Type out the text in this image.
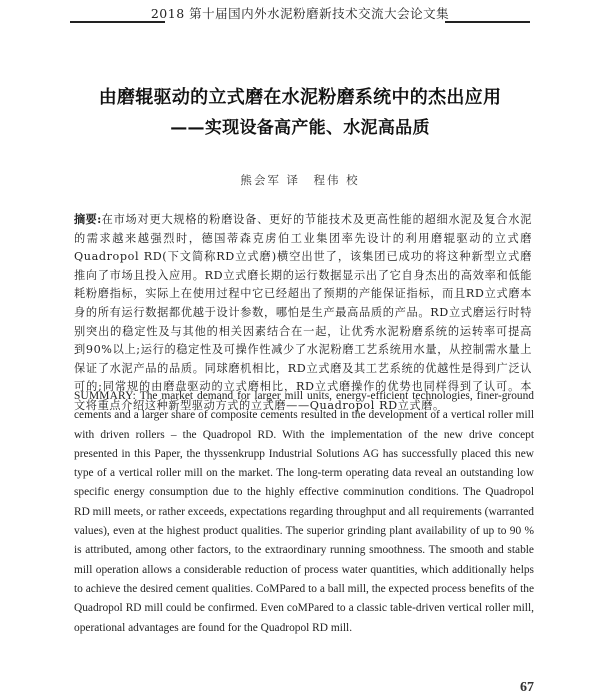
2018 第十届国内外水泥粉磨新技术交流大会论文集
由磨辊驱动的立式磨在水泥粉磨系统中的杰出应用
——实现设备高产能、水泥高品质
熊会军 译　程伟 校
摘要:在市场对更大规格的粉磨设备、更好的节能技术及更高性能的超细水泥及复合水泥的需求越来越强烈时，德国蒂森克虏伯工业集团率先设计的利用磨辊驱动的立式磨Quadropol RD(下文简称RD立式磨)横空出世了，该集团已成功的将这种新型立式磨推向了市场且投入应用。RD立式磨长期的运行数据显示出了它自身杰出的高效率和低能耗粉磨指标，实际上在使用过程中它已经超出了预期的产能保证指标，而且RD立式磨本身的所有运行数据都优越于设计参数，哪怕是生产最高品质的产品。RD立式磨运行时特别突出的稳定性及与其他的相关因素结合在一起，让优秀水泥粉磨系统的运转率可提高到90%以上;运行的稳定性及可操作性减少了水泥粉磨工艺系统用水量，从控制需水量上保证了水泥产品的品质。同球磨机相比，RD立式磨及其工艺系统的优越性是得到广泛认可的;同常规的由磨盘驱动的立式磨相比，RD立式磨操作的优势也同样得到了认可。本文将重点介绍这种新型驱动方式的立式磨——Quadropol RD立式磨。
SUMMARY: The market demand for larger mill units, energy-efficient technologies, finer-ground cements and a larger share of composite cements resulted in the development of a vertical roller mill with driven rollers – the Quadropol RD. With the implementation of the new drive concept presented in this Paper, the thyssenkrupp Industrial Solutions AG has successfully placed this new type of a vertical roller mill on the market. The long-term operating data reveal an outstanding low specific energy consumption due to the highly effective comminution conditions. The Quadropol RD mill meets, or rather exceeds, expectations regarding throughput and all requirements (warranted values), even at the highest product qualities. The superior grinding plant availability of up to 90 % is attributed, among other factors, to the extraordinary running smoothness. The smooth and stable mill operation allows a considerable reduction of process water quantities, which additionally helps to achieve the desired cement qualities. CoMPared to a ball mill, the expected process benefits of the Quadropol RD mill could be confirmed. Even coMPared to a classic table-driven vertical roller mill, operational advantages are found for the Quadropol RD mill.
67
